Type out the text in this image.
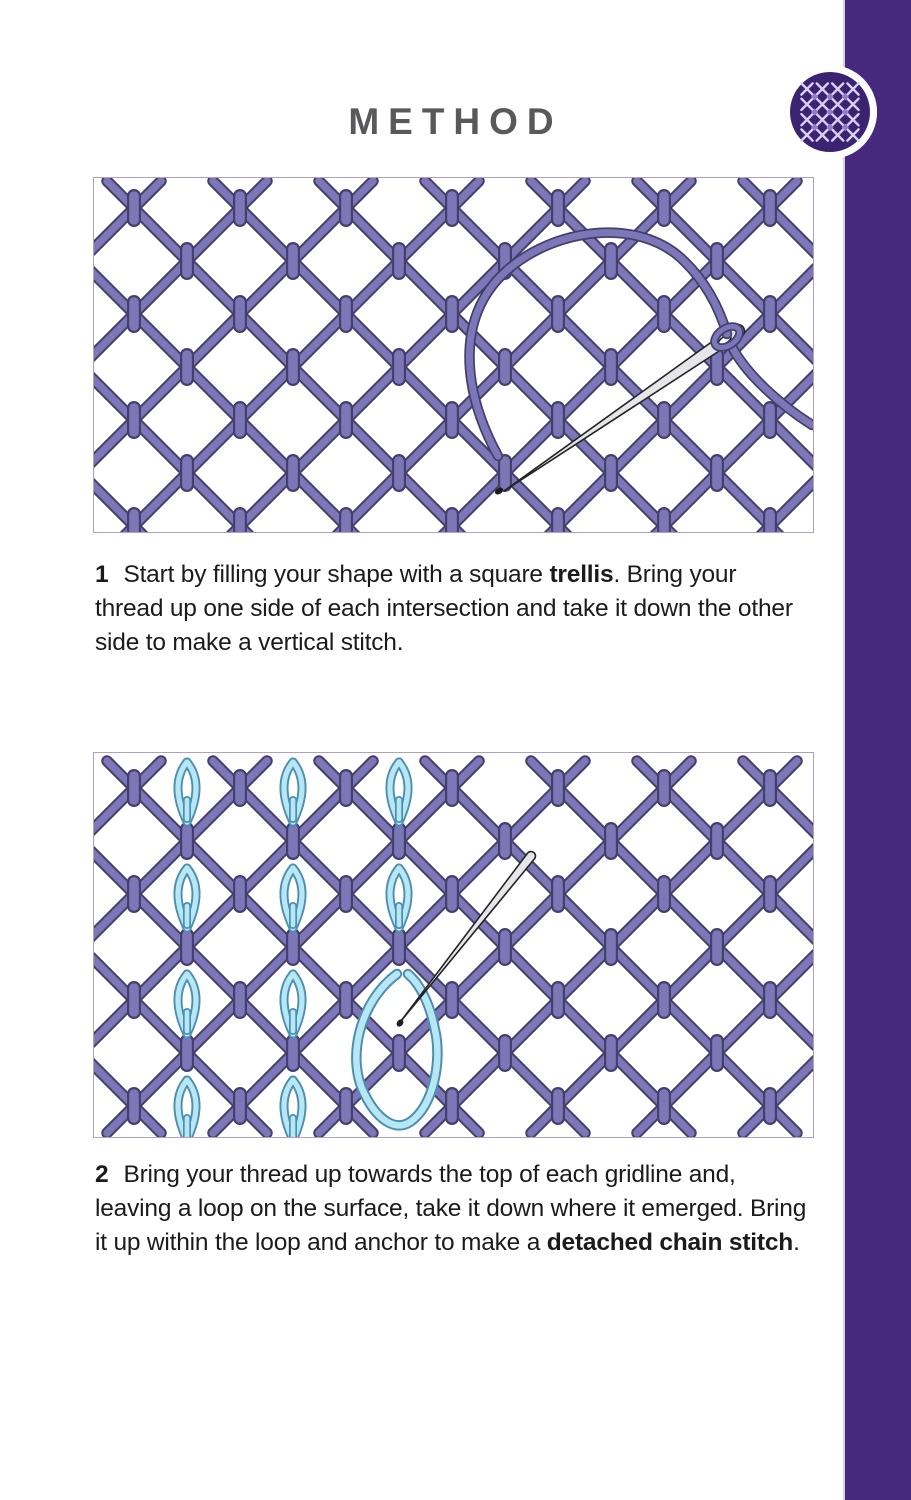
METHOD

1 Start by filling your shape with a square trellis. Bring your thread up one side of each intersection and take it down the other side to make a vertical stitch.

2 Bring your thread up towards the top of each gridline and, leaving a loop on the surface, take it down where it emerged. Bring it up within the loop and anchor to make a detached chain stitch.
